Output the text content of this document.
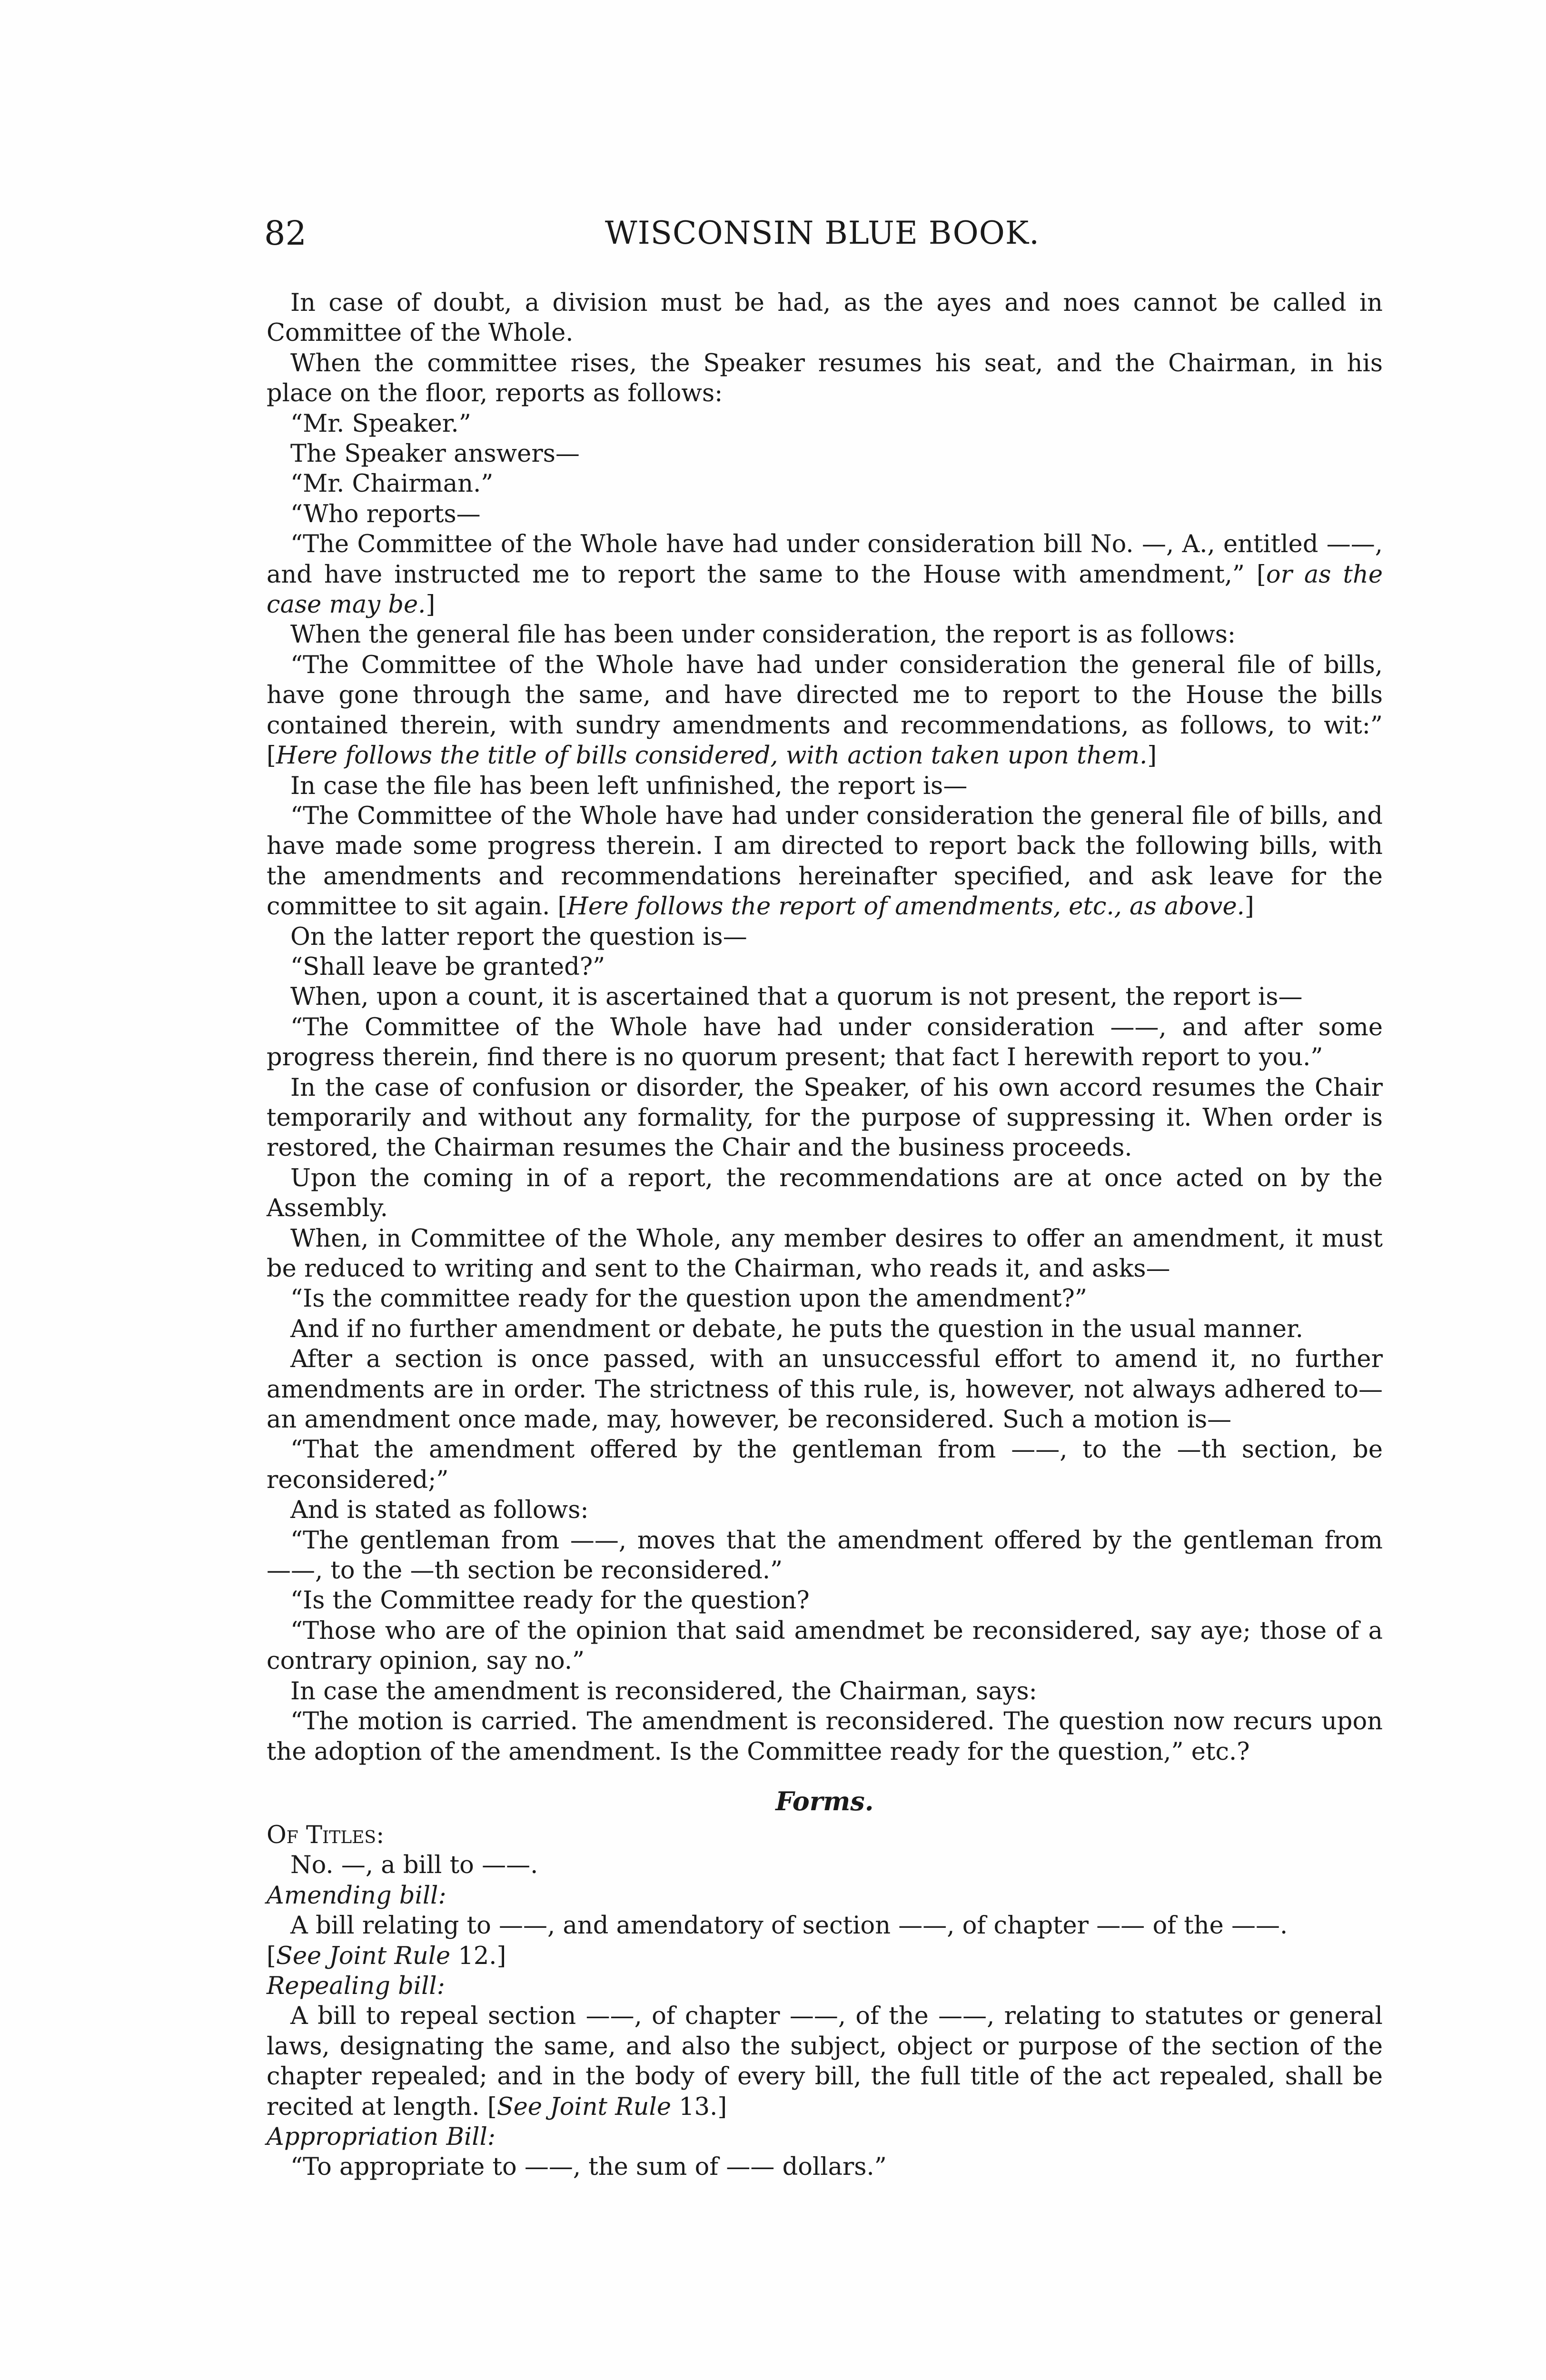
82	WISCONSIN BLUE BOOK.

In case of doubt, a division must be had, as the ayes and noes cannot be called in Committee of the Whole.

When the committee rises, the Speaker resumes his seat, and the Chairman, in his place on the floor, reports as follows:

“Mr. Speaker.”

The Speaker answers—

“Mr. Chairman.”

“Who reports—

“The Committee of the Whole have had under consideration bill No. —, A., entitled ——, and have instructed me to report the same to the House with amendment,” [or as the case may be.]

When the general file has been under consideration, the report is as follows:

“The Committee of the Whole have had under consideration the general file of bills, have gone through the same, and have directed me to report to the House the bills contained therein, with sundry amendments and recommendations, as follows, to wit:” [Here follows the title of bills considered, with action taken upon them.]

In case the file has been left unfinished, the report is—

“The Committee of the Whole have had under consideration the general file of bills, and have made some progress therein. I am directed to report back the following bills, with the amendments and recommendations hereinafter specified, and ask leave for the committee to sit again. [Here follows the report of amendments, etc., as above.]

On the latter report the question is—

“Shall leave be granted?”

When, upon a count, it is ascertained that a quorum is not present, the report is—

“The Committee of the Whole have had under consideration ——, and after some progress therein, find there is no quorum present; that fact I herewith report to you.”

In the case of confusion or disorder, the Speaker, of his own accord resumes the Chair temporarily and without any formality, for the purpose of suppressing it. When order is restored, the Chairman resumes the Chair and the business proceeds.

Upon the coming in of a report, the recommendations are at once acted on by the Assembly.

When, in Committee of the Whole, any member desires to offer an amendment, it must be reduced to writing and sent to the Chairman, who reads it, and asks—

“Is the committee ready for the question upon the amendment?”

And if no further amendment or debate, he puts the question in the usual manner.

After a section is once passed, with an unsuccessful effort to amend it, no further amendments are in order. The strictness of this rule, is, however, not always adhered to—an amendment once made, may, however, be reconsidered. Such a motion is—

“That the amendment offered by the gentleman from ——, to the —th section, be reconsidered;”

And is stated as follows:

“The gentleman from ——, moves that the amendment offered by the gentleman from ——, to the —th section be reconsidered.”

“Is the Committee ready for the question?

“Those who are of the opinion that said amendmet be reconsidered, say aye; those of a contrary opinion, say no.”

In case the amendment is reconsidered, the Chairman, says:

“The motion is carried. The amendment is reconsidered. The question now recurs upon the adoption of the amendment. Is the Committee ready for the question,” etc.?

Forms.

Of Titles:

No. —, a bill to ——.

Amending bill:

A bill relating to ——, and amendatory of section ——, of chapter —— of the ——.

[See Joint Rule 12.]

Repealing bill:

A bill to repeal section ——, of chapter ——, of the ——, relating to statutes or general laws, designating the same, and also the subject, object or purpose of the section of the chapter repealed; and in the body of every bill, the full title of the act repealed, shall be recited at length. [See Joint Rule 13.]

Appropriation Bill:

“To appropriate to ——, the sum of —— dollars.”
